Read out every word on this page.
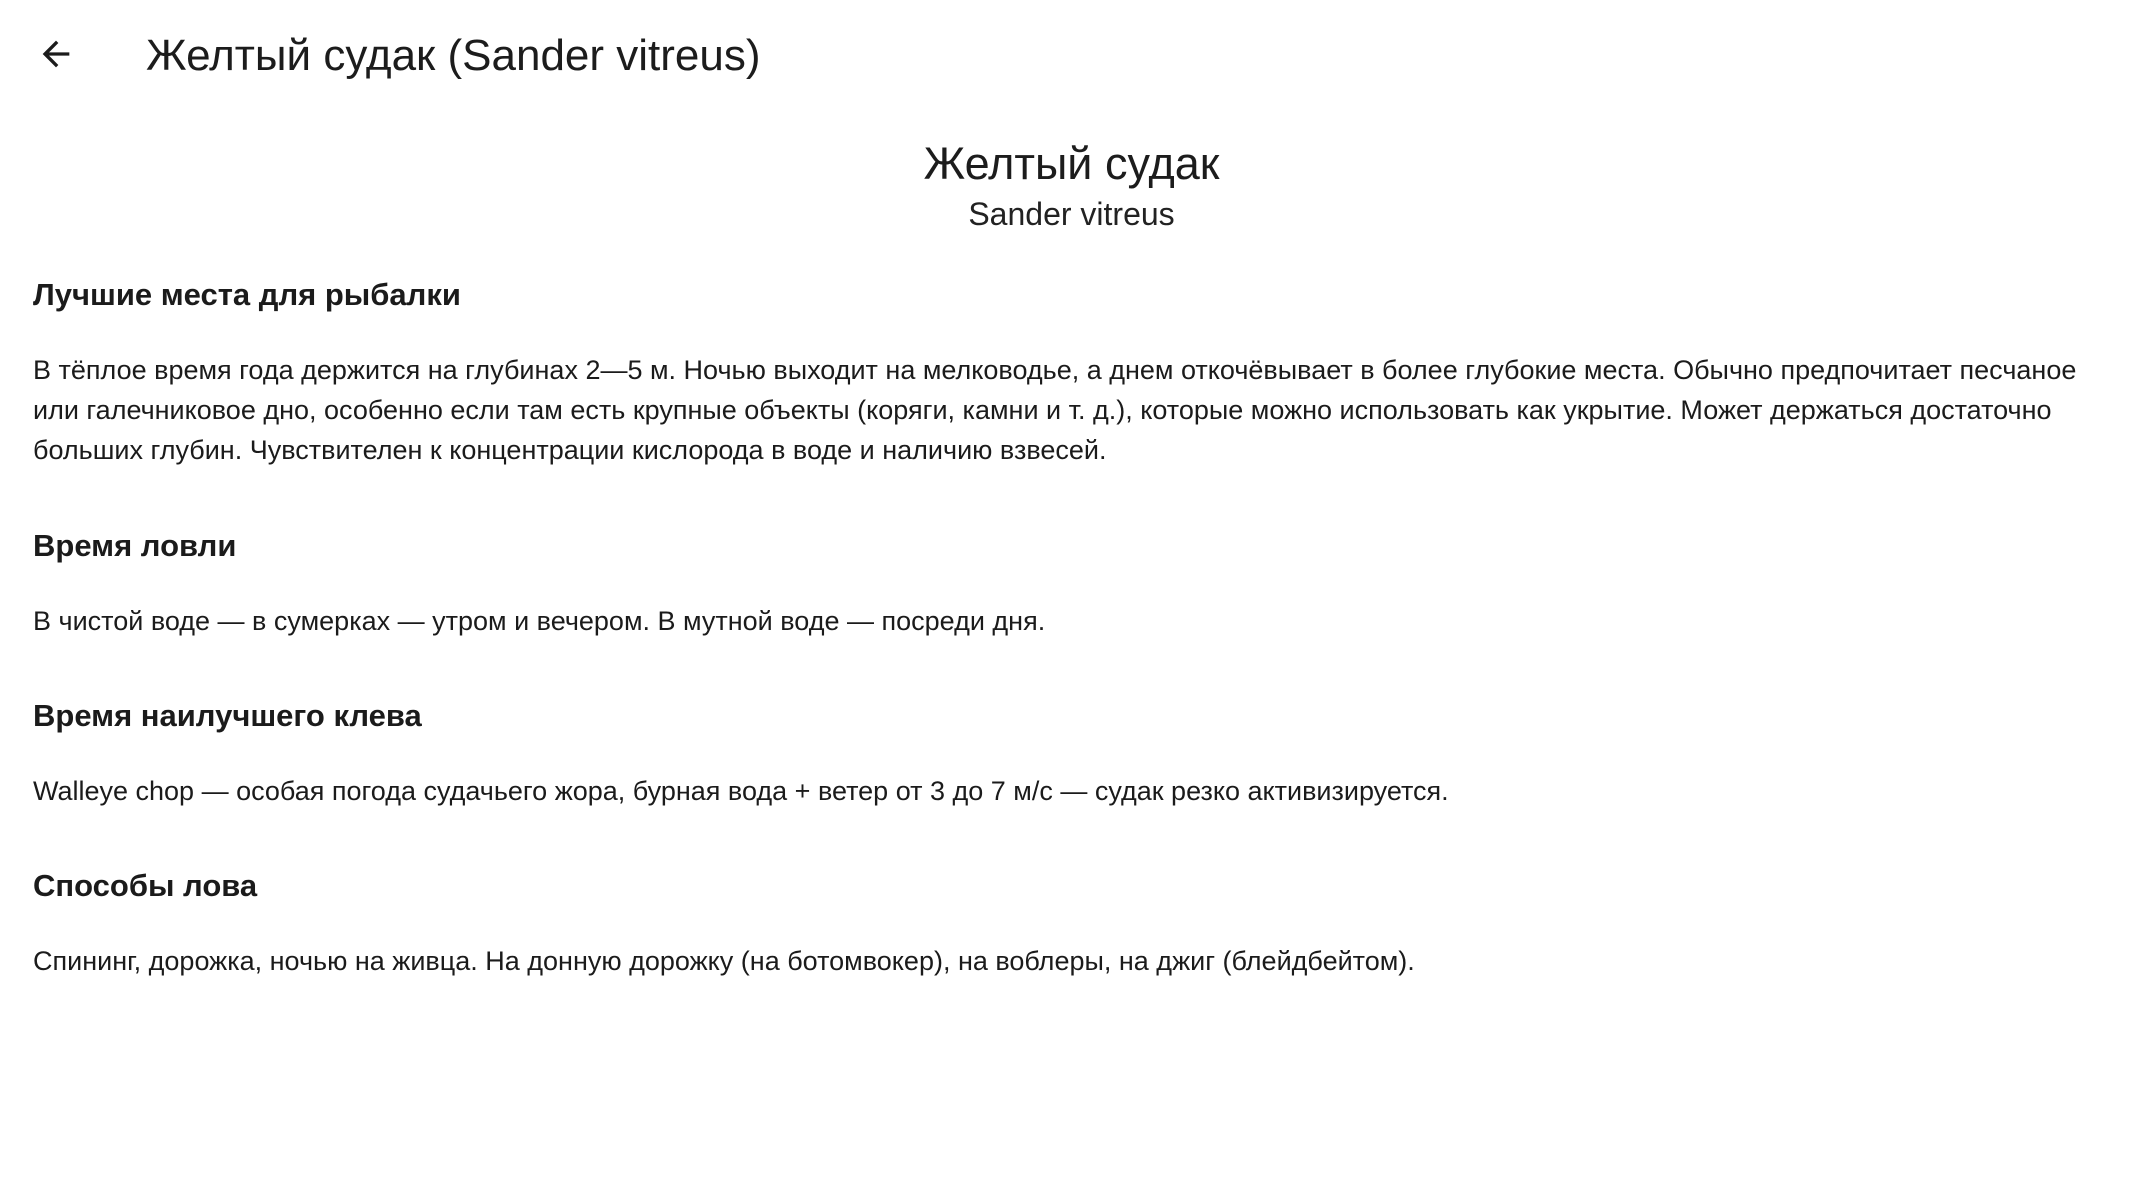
Желтый судак (Sander vitreus)
Желтый судак
Sander vitreus
Лучшие места для рыбалки

В тёплое время года держится на глубинах 2—5 м. Ночью выходит на мелководье, а днем откочёвывает в более глубокие места. Обычно предпочитает песчаное или галечниковое дно, особенно если там есть крупные объекты (коряги, камни и т. д.), которые можно использовать как укрытие. Может держаться достаточно больших глубин. Чувствителен к концентрации кислорода в воде и наличию взвесей.

Время ловли

В чистой воде — в сумерках — утром и вечером. В мутной воде — посреди дня.

Время наилучшего клева

Walleye chop — особая погода судачьего жора, бурная вода + ветер от 3 до 7 м/с — судак резко активизируется.

Способы лова

Спининг, дорожка, ночью на живца. На донную дорожку (на ботомвокер), на воблеры, на джиг (блейдбейтом).
